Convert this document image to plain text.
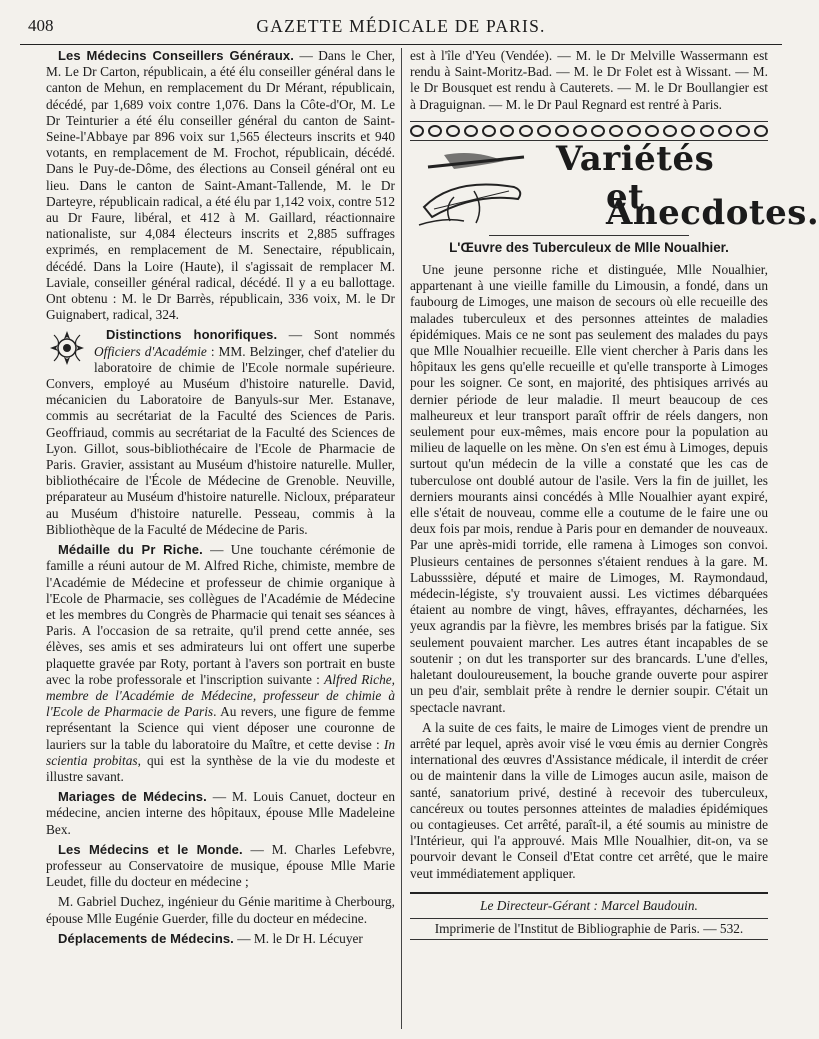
408	GAZETTE MÉDICALE DE PARIS.

Les Médecins Conseillers Généraux. — Dans le Cher, M. Le Dr Carton, républicain, a été élu conseiller général dans le canton de Mehun, en remplacement du Dr Mérant, républicain, décédé, par 1,689 voix contre 1,076. Dans la Côte-d'Or, M. Le Dr Teinturier a été élu conseiller général du canton de Saint-Seine-l'Abbaye par 896 voix sur 1,565 électeurs inscrits et 940 votants, en remplacement de M. Frochot, républicain, décédé. Dans le Puy-de-Dôme, des élections au Conseil général ont eu lieu. Dans le canton de Saint-Amant-Tallende, M. le Dr Darteyre, républicain radical, a été élu par 1,142 voix, contre 512 au Dr Faure, libéral, et 412 à M. Gaillard, réactionnaire nationaliste, sur 4,084 électeurs inscrits et 2,885 suffrages exprimés, en remplacement de M. Senectaire, républicain, décédé. Dans la Loire (Haute), il s'agissait de remplacer M. Laviale, conseiller général radical, décédé. Il y a eu ballottage. Ont obtenu : M. le Dr Barrès, républicain, 336 voix, M. le Dr Guignabert, radical, 324.

Distinctions honorifiques. — Sont nommés Officiers d'Académie : MM. Belzinger, chef d'atelier du laboratoire de chimie de l'Ecole normale supérieure. Convers, employé au Muséum d'histoire naturelle. David, mécanicien du Laboratoire de Banyuls-sur Mer. Estanave, commis au secrétariat de la Faculté des Sciences de Paris. Geoffriaud, commis au secrétariat de la Faculté des Sciences de Lyon. Gillot, sous-bibliothécaire de l'Ecole de Pharmacie de Paris. Gravier, assistant au Muséum d'histoire naturelle. Muller, bibliothécaire de l'École de Médecine de Grenoble. Neuville, préparateur au Muséum d'histoire naturelle. Nicloux, préparateur au Muséum d'histoire naturelle. Pesseau, commis à la Bibliothèque de la Faculté de Médecine de Paris.

Médaille du Pr Riche. — Une touchante cérémonie de famille a réuni autour de M. Alfred Riche, chimiste, membre de l'Académie de Médecine et professeur de chimie organique à l'Ecole de Pharmacie, ses collègues de l'Académie de Médecine et les membres du Congrès de Pharmacie qui tenait ses séances à Paris. A l'occasion de sa retraite, qu'il prend cette année, ses élèves, ses amis et ses admirateurs lui ont offert une superbe plaquette gravée par Roty, portant à l'avers son portrait en buste avec la robe professorale et l'inscription suivante : Alfred Riche, membre de l'Académie de Médecine, professeur de chimie à l'Ecole de Pharmacie de Paris. Au revers, une figure de femme représentant la Science qui vient déposer une couronne de lauriers sur la table du laboratoire du Maître, et cette devise : In scientia probitas, qui est la synthèse de la vie du modeste et illustre savant.

Mariages de Médecins. — M. Louis Canuet, docteur en médecine, ancien interne des hôpitaux, épouse Mlle Madeleine Bex.

Les Médecins et le Monde. — M. Charles Lefebvre, professeur au Conservatoire de musique, épouse Mlle Marie Leudet, fille du docteur en médecine ;

M. Gabriel Duchez, ingénieur du Génie maritime à Cherbourg, épouse Mlle Eugénie Guerder, fille du docteur en médecine.

Déplacements de Médecins. — M. le Dr H. Lécuyer

est à l'île d'Yeu (Vendée). — M. le Dr Melville Wassermann est rendu à Saint-Moritz-Bad. — M. le Dr Folet est à Wissant. — M. le Dr Bousquet est rendu à Cauterets. — M. le Dr Boullangier est à Draguignan. — M. le Dr Paul Regnard est rentré à Paris.

Variétés
et Anecdotes.
L'Œuvre des Tuberculeux de Mlle Noualhier.

Une jeune personne riche et distinguée, Mlle Noualhier, appartenant à une vieille famille du Limousin, a fondé, dans un faubourg de Limoges, une maison de secours où elle recueille des malades tuberculeux et des personnes atteintes de maladies épidémiques. Mais ce ne sont pas seulement des malades du pays que Mlle Noualhier recueille. Elle vient chercher à Paris dans les hôpitaux les gens qu'elle recueille et qu'elle transporte à Limoges pour les soigner. Ce sont, en majorité, des phtisiques arrivés au dernier période de leur maladie. Il meurt beaucoup de ces malheureux et leur transport paraît offrir de réels dangers, non seulement pour eux-mêmes, mais encore pour la population au milieu de laquelle on les mène. On s'en est ému à Limoges, depuis surtout qu'un médecin de la ville a constaté que les cas de tuberculose ont doublé autour de l'asile. Vers la fin de juillet, les derniers mourants ainsi concédés à Mlle Noualhier ayant expiré, elle s'était de nouveau, comme elle a coutume de le faire une ou deux fois par mois, rendue à Paris pour en demander de nouveaux. Par une après-midi torride, elle ramena à Limoges son convoi. Plusieurs centaines de personnes s'étaient rendues à la gare. M. Labusssière, député et maire de Limoges, M. Raymondaud, médecin-légiste, s'y trouvaient aussi. Les victimes débarquées étaient au nombre de vingt, hâves, effrayantes, décharnées, les yeux agrandis par la fièvre, les membres brisés par la fatigue. Six seulement pouvaient marcher. Les autres étant incapables de se soutenir ; on dut les transporter sur des brancards. L'une d'elles, haletant douloureusement, la bouche grande ouverte pour aspirer un peu d'air, semblait prête à rendre le dernier soupir. C'était un spectacle navrant.

A la suite de ces faits, le maire de Limoges vient de prendre un arrêté par lequel, après avoir visé le vœu émis au dernier Congrès international des œuvres d'Assistance médicale, il interdit de créer ou de maintenir dans la ville de Limoges aucun asile, maison de santé, sanatorium privé, destiné à recevoir des tuberculeux, cancéreux ou toutes personnes atteintes de maladies épidémiques ou contagieuses. Cet arrêté, paraît-il, a été soumis au ministre de l'Intérieur, qui l'a approuvé. Mais Mlle Noualhier, dit-on, va se pourvoir devant le Conseil d'Etat contre cet arrêté, que le maire veut immédiatement appliquer.

Le Directeur-Gérant : Marcel Baudouin.
Imprimerie de l'Institut de Bibliographie de Paris. — 532.
